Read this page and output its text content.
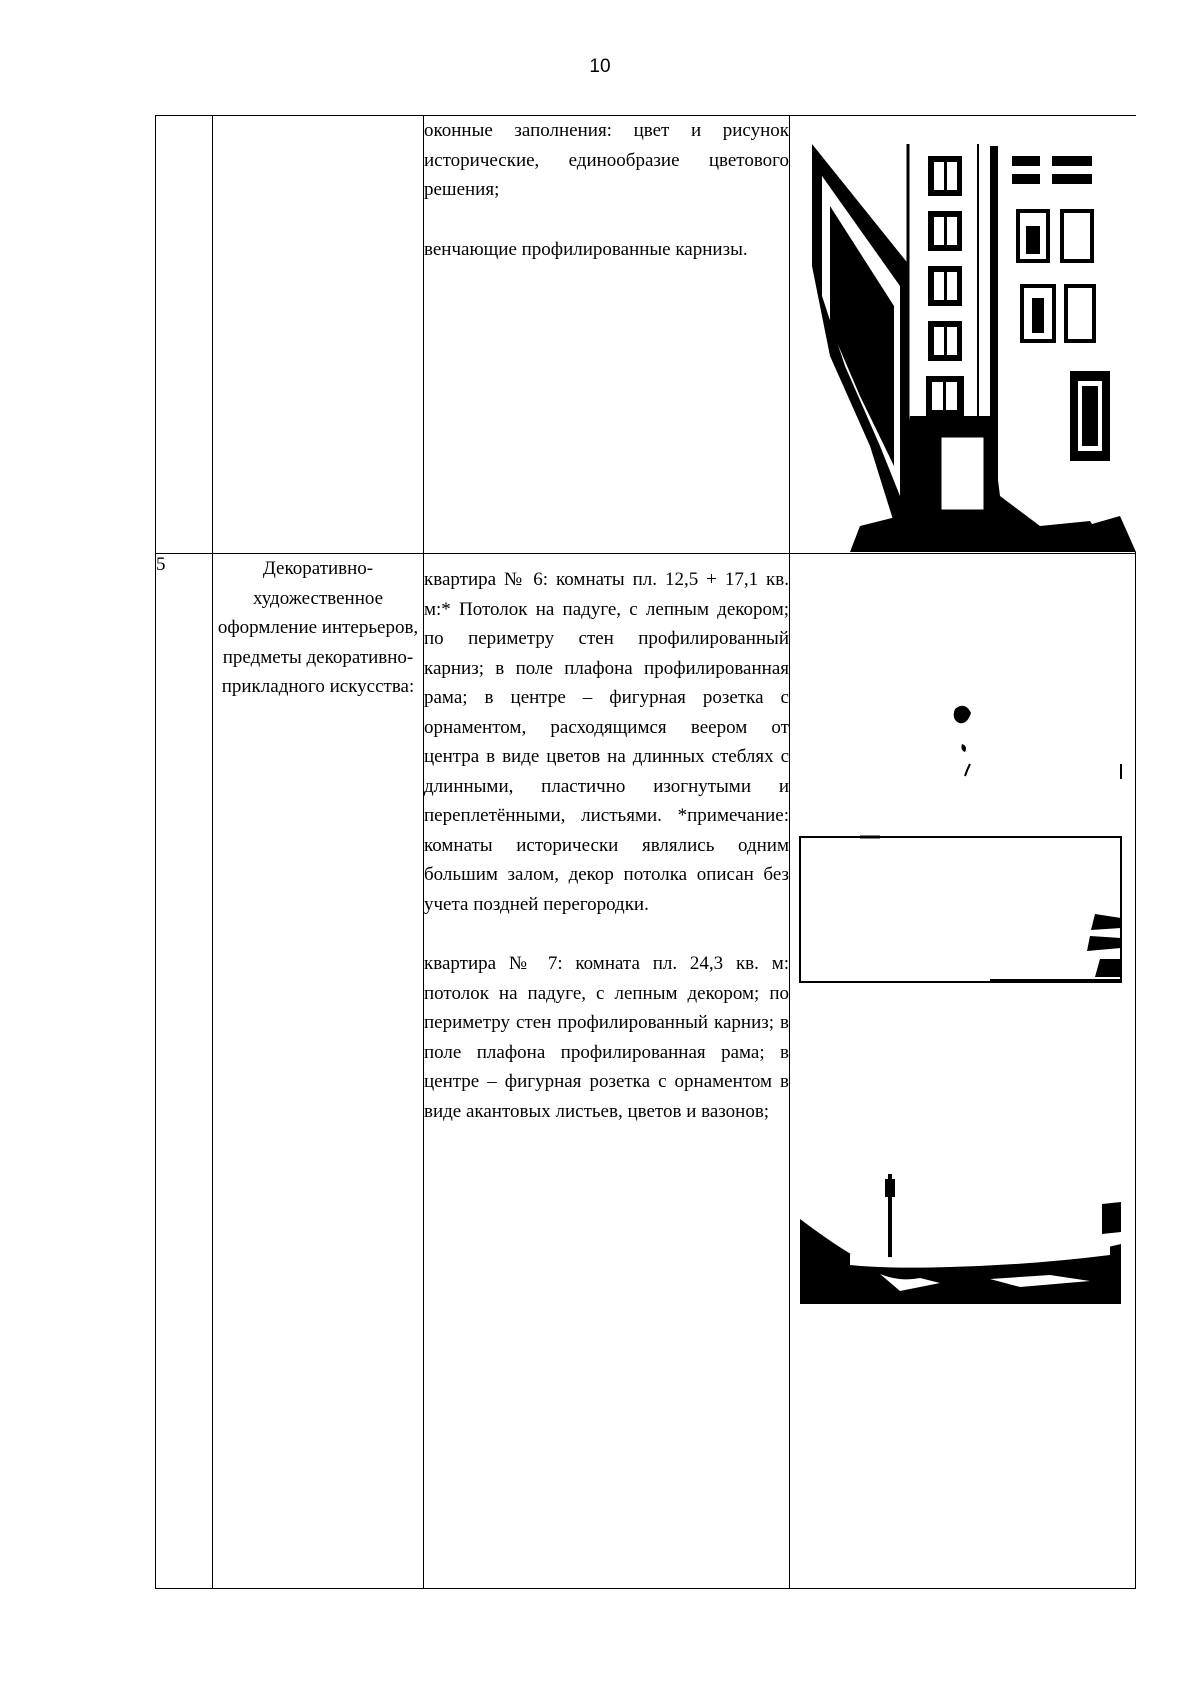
10

		оконные заполнения: цвет и рисунок исторические, единообразие цветового решения;

венчающие профилированные карнизы.

5	Декоративно-художественное оформление интерьеров, предметы декоративно-прикладного искусства:	квартира № 6: комнаты пл. 12,5 + 17,1 кв. м:* Потолок на падуге, с лепным декором; по периметру стен профилированный карниз; в поле плафона профилированная рама; в центре – фигурная розетка с орнаментом, расходящимся веером от центра в виде цветов на длинных стеблях с длинными, пластично изогнутыми и переплетёнными, листьями. *примечание: комнаты исторически являлись одним большим залом, декор потолка описан без учета поздней перегородки.

квартира № 7: комната пл. 24,3 кв. м: потолок на падуге, с лепным декором; по периметру стен профилированный карниз; в поле плафона профилированная рама; в центре – фигурная розетка с орнаментом в виде акантовых листьев, цветов и вазонов;
